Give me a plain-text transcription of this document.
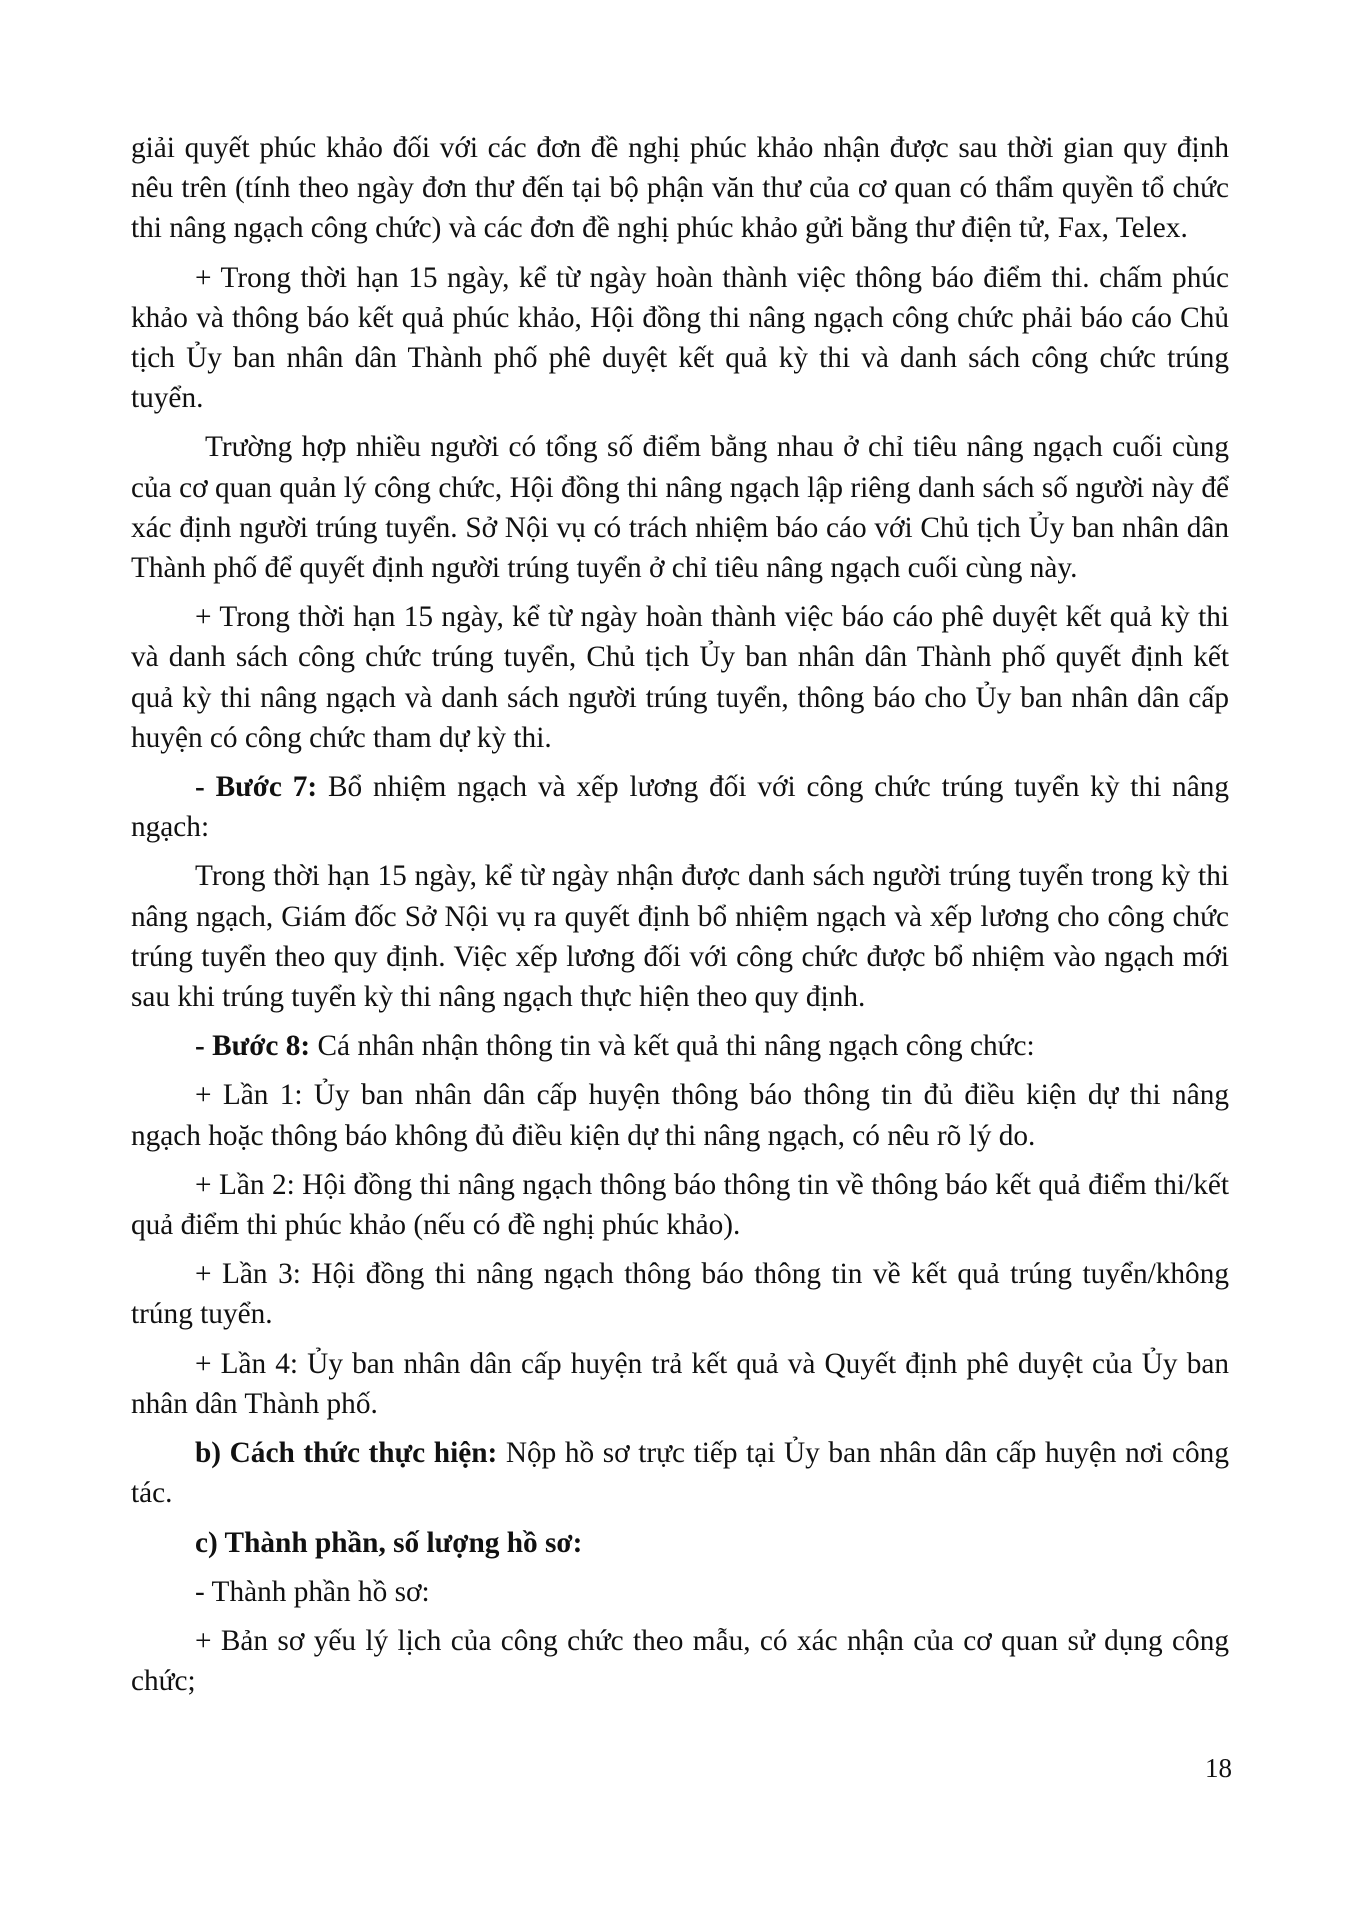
giải quyết phúc khảo đối với các đơn đề nghị phúc khảo nhận được sau thời gian quy định nêu trên (tính theo ngày đơn thư đến tại bộ phận văn thư của cơ quan có thẩm quyền tổ chức thi nâng ngạch công chức) và các đơn đề nghị phúc khảo gửi bằng thư điện tử, Fax, Telex.

+ Trong thời hạn 15 ngày, kể từ ngày hoàn thành việc thông báo điểm thi. chấm phúc khảo và thông báo kết quả phúc khảo, Hội đồng thi nâng ngạch công chức phải báo cáo Chủ tịch Ủy ban nhân dân Thành phố phê duyệt kết quả kỳ thi và danh sách công chức trúng tuyển.

Trường hợp nhiều người có tổng số điểm bằng nhau ở chỉ tiêu nâng ngạch cuối cùng của cơ quan quản lý công chức, Hội đồng thi nâng ngạch lập riêng danh sách số người này để xác định người trúng tuyển. Sở Nội vụ có trách nhiệm báo cáo với Chủ tịch Ủy ban nhân dân Thành phố để quyết định người trúng tuyển ở chỉ tiêu nâng ngạch cuối cùng này.

+ Trong thời hạn 15 ngày, kể từ ngày hoàn thành việc báo cáo phê duyệt kết quả kỳ thi và danh sách công chức trúng tuyển, Chủ tịch Ủy ban nhân dân Thành phố quyết định kết quả kỳ thi nâng ngạch và danh sách người trúng tuyển, thông báo cho Ủy ban nhân dân cấp huyện có công chức tham dự kỳ thi.

- Bước 7: Bổ nhiệm ngạch và xếp lương đối với công chức trúng tuyển kỳ thi nâng ngạch:

Trong thời hạn 15 ngày, kể từ ngày nhận được danh sách người trúng tuyển trong kỳ thi nâng ngạch, Giám đốc Sở Nội vụ ra quyết định bổ nhiệm ngạch và xếp lương cho công chức trúng tuyển theo quy định. Việc xếp lương đối với công chức được bổ nhiệm vào ngạch mới sau khi trúng tuyển kỳ thi nâng ngạch thực hiện theo quy định.

- Bước 8: Cá nhân nhận thông tin và kết quả thi nâng ngạch công chức:

+ Lần 1: Ủy ban nhân dân cấp huyện thông báo thông tin đủ điều kiện dự thi nâng ngạch hoặc thông báo không đủ điều kiện dự thi nâng ngạch, có nêu rõ lý do.

+ Lần 2: Hội đồng thi nâng ngạch thông báo thông tin về thông báo kết quả điểm thi/kết quả điểm thi phúc khảo (nếu có đề nghị phúc khảo).

+ Lần 3: Hội đồng thi nâng ngạch thông báo thông tin về kết quả trúng tuyển/không trúng tuyển.

+ Lần 4: Ủy ban nhân dân cấp huyện trả kết quả và Quyết định phê duyệt của Ủy ban nhân dân Thành phố.

b) Cách thức thực hiện: Nộp hồ sơ trực tiếp tại Ủy ban nhân dân cấp huyện nơi công tác.

c) Thành phần, số lượng hồ sơ:

- Thành phần hồ sơ:

+ Bản sơ yếu lý lịch của công chức theo mẫu, có xác nhận của cơ quan sử dụng công chức;

18
